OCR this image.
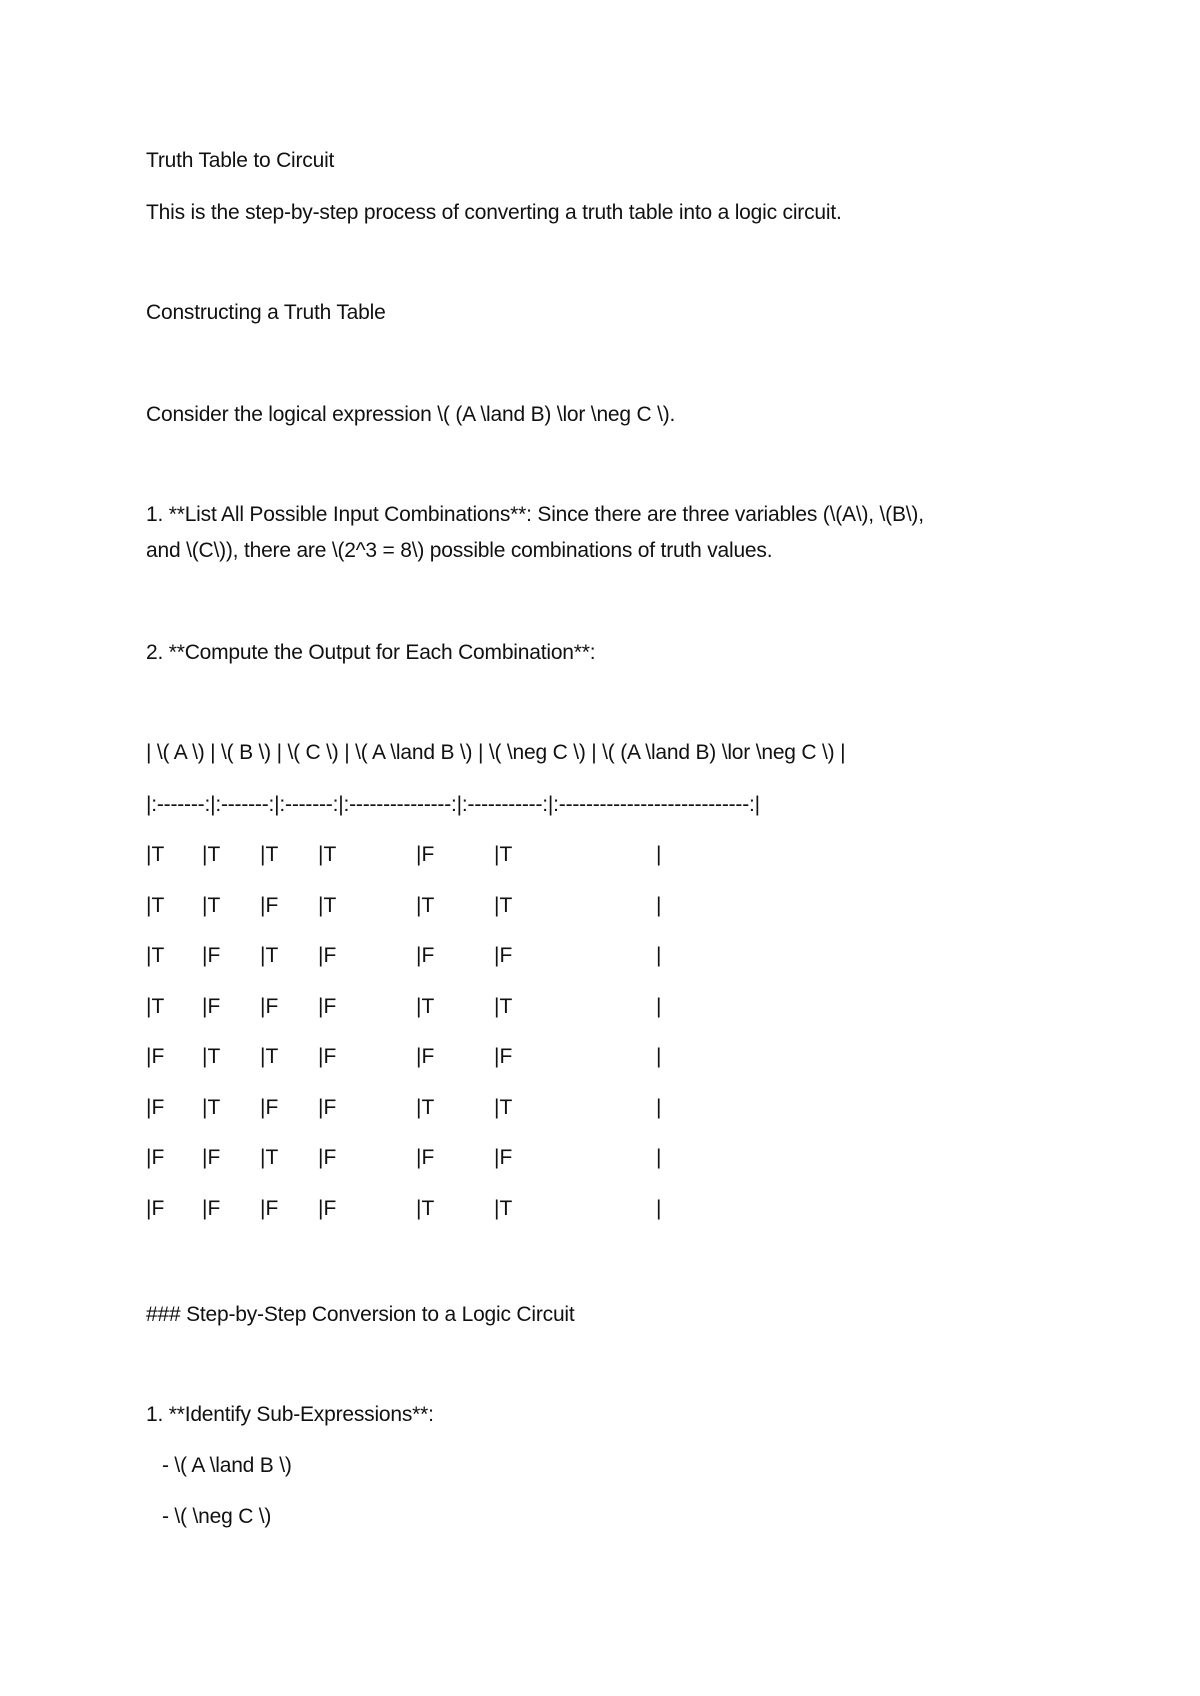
Truth Table to Circuit
This is the step-by-step process of converting a truth table into a logic circuit.
Constructing a Truth Table
Consider the logical expression \( (A \land B) \lor \neg C \).
1. **List All Possible Input Combinations**: Since there are three variables (\(A\), \(B\),
and \(C\)), there are \(2^3 = 8\) possible combinations of truth values.
2. **Compute the Output for Each Combination**:
| \( A \) | \( B \) | \( C \) | \( A \land B \) | \( \neg C \) | \( (A \land B) \lor \neg C \) |
|:-------:|:-------:|:-------:|:---------------:|:-----------:|:----------------------------:|
|T |T |T |T	|F	|T	|
|T |T |F |T	|T	|T	|
|T |F |T |F	|F	|F	|
|T |F |F |F	|T	|T	|
|F |T |T |F	|F	|F	|
|F |T |F |F	|T	|T	|
|F |F |T |F	|F	|F	|
|F |F |F |F	|T	|T	|
### Step-by-Step Conversion to a Logic Circuit
1. **Identify Sub-Expressions**:
- \( A \land B \)
- \( \neg C \)
